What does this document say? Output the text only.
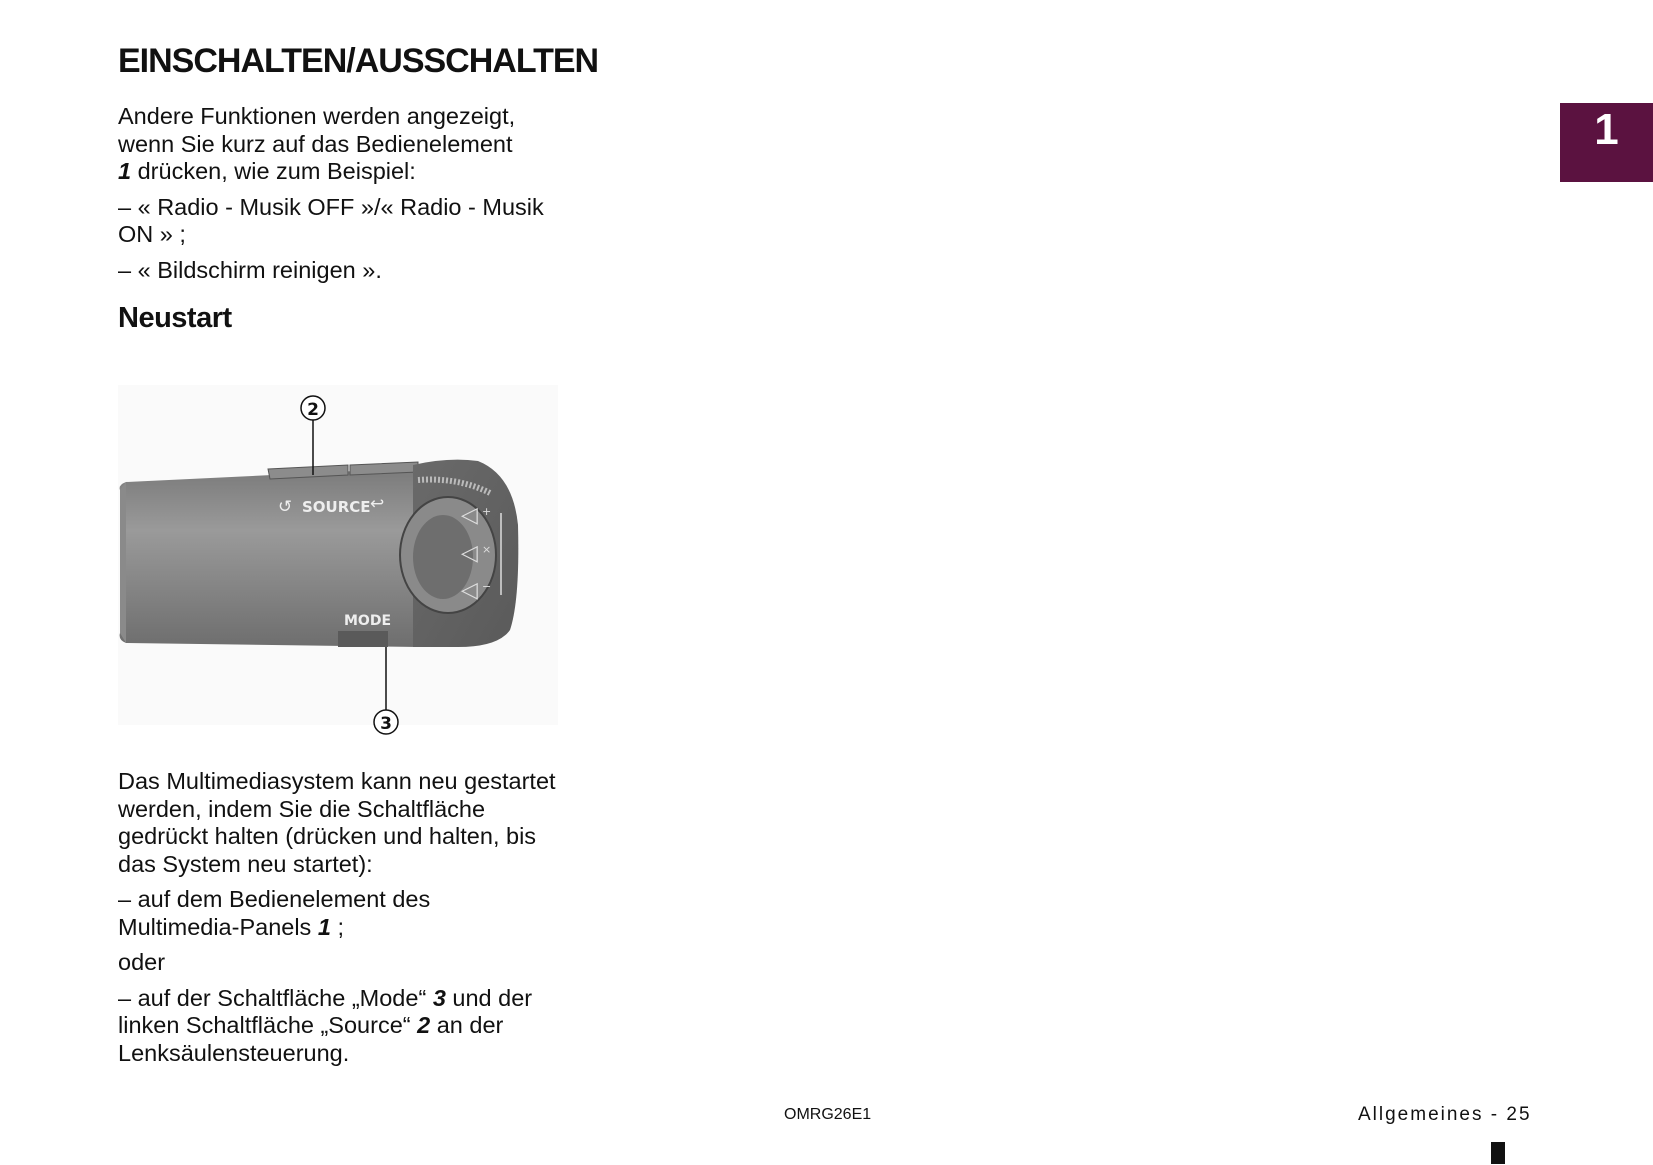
EINSCHALTEN/AUSSCHALTEN

Andere Funktionen werden angezeigt,
wenn Sie kurz auf das Bedienelement
1 drücken, wie zum Beispiel:

– « Radio - Musik OFF »/« Radio - Musik ON » ;

– « Bildschirm reinigen ».

Neustart
◁
◁
◁
+
×
−
↺ SOURCE ↩
MODE
2
3

Das Multimediasystem kann neu gestartet werden, indem Sie die Schaltfläche gedrückt halten (drücken und halten, bis das System neu startet):

– auf dem Bedienelement des Multimedia-Panels 1 ;

oder

– auf der Schaltfläche „Mode“ 3 und der linken Schaltfläche „Source“ 2 an der Lenksäulensteuerung.

1
OMRG26E1	Allgemeines - 25
